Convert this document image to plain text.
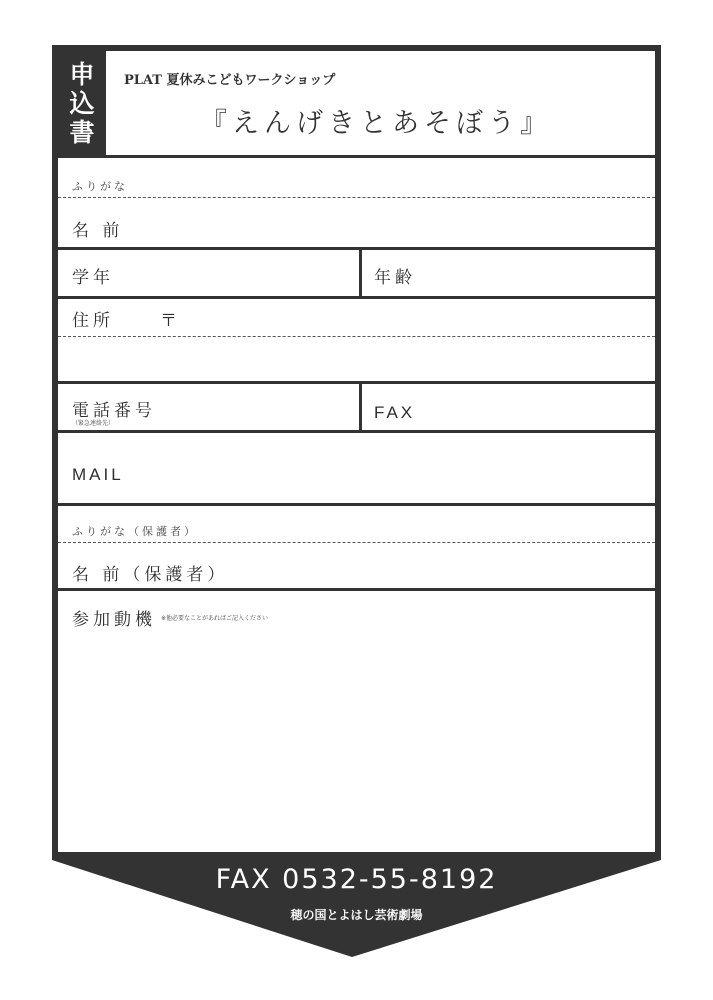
申
込
書
PLAT 夏休みこどもワークショップ
『えんげきとあそぼう』
ふりがな
名 前
学年	年齢
住所	〒
電話番号
（緊急連絡先）
FAX
MAIL
ふりがな（保護者）
名 前（保護者）
参加動機 ※他必要なことがあればご記入ください
FAX 0532-55-8192
穂の国とよはし芸術劇場
